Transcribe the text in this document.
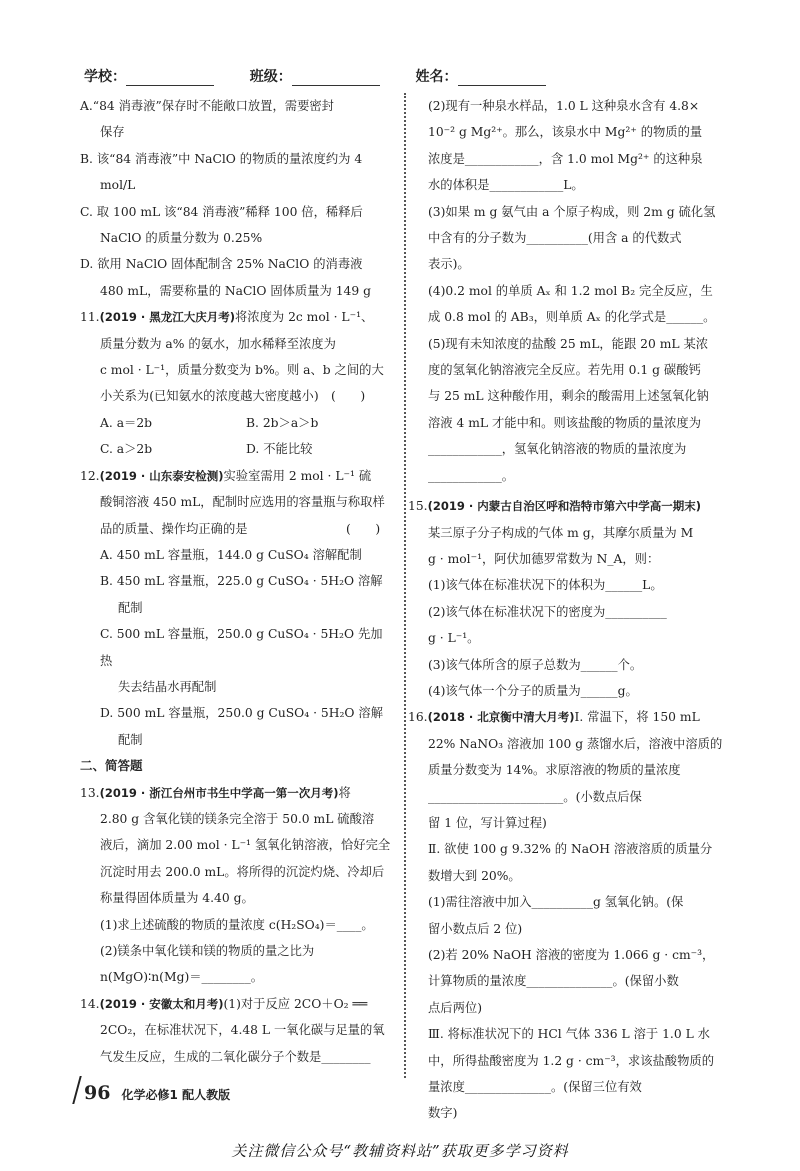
学校：	班级：	姓名：

A.“84 消毒液”保存时不能敞口放置，需要密封

保存

B. 该“84 消毒液”中 NaClO 的物质的量浓度约为 4

mol/L

C. 取 100 mL 该“84 消毒液”稀释 100 倍，稀释后

NaClO 的质量分数为 0.25%

D. 欲用 NaClO 固体配制含 25% NaClO 的消毒液

480 mL，需要称量的 NaClO 固体质量为 149 g

11.(2019 · 黑龙江大庆月考)将浓度为 2c mol · L⁻¹、

质量分数为 a% 的氨水，加水稀释至浓度为

c mol · L⁻¹，质量分数变为 b%。则 a、b 之间的大

小关系为(已知氨水的浓度越大密度越小)　(　　)

A. a＝2b	B. 2b＞a＞b
C. a＞2b	D. 不能比较

12.(2019 · 山东泰安检测)实验室需用 2 mol · L⁻¹ 硫

酸铜溶液 450 mL，配制时应选用的容量瓶与称取样

品的质量、操作均正确的是　　　　　　　　(　　)

A. 450 mL 容量瓶，144.0 g CuSO₄ 溶解配制

B. 450 mL 容量瓶，225.0 g CuSO₄ · 5H₂O 溶解

配制

C. 500 mL 容量瓶，250.0 g CuSO₄ · 5H₂O 先加热

失去结晶水再配制

D. 500 mL 容量瓶，250.0 g CuSO₄ · 5H₂O 溶解

配制

二、简答题

13.(2019 · 浙江台州市书生中学高一第一次月考)将

2.80 g 含氧化镁的镁条完全溶于 50.0 mL 硫酸溶

液后，滴加 2.00 mol · L⁻¹ 氢氧化钠溶液，恰好完全

沉淀时用去 200.0 mL。将所得的沉淀灼烧、冷却后

称量得固体质量为 4.40 g。

(1)求上述硫酸的物质的量浓度 c(H₂SO₄)＝____。

(2)镁条中氧化镁和镁的物质的量之比为

n(MgO)∶n(Mg)＝________。

14.(2019 · 安徽太和月考)(1)对于反应 2CO＋O₂ ══

2CO₂，在标准状况下，4.48 L 一氧化碳与足量的氧

气发生反应，生成的二氧化碳分子个数是________

(2)现有一种泉水样品，1.0 L 这种泉水含有 4.8×

10⁻² g Mg²⁺。那么，该泉水中 Mg²⁺ 的物质的量

浓度是____________，含 1.0 mol Mg²⁺ 的这种泉

水的体积是____________L。

(3)如果 m g 氨气由 a 个原子构成，则 2m g 硫化氢

中含有的分子数为__________(用含 a 的代数式

表示)。

(4)0.2 mol 的单质 Aₓ 和 1.2 mol B₂ 完全反应，生

成 0.8 mol 的 AB₃，则单质 Aₓ 的化学式是______。

(5)现有未知浓度的盐酸 25 mL，能跟 20 mL 某浓

度的氢氧化钠溶液完全反应。若先用 0.1 g 碳酸钙

与 25 mL 这种酸作用，剩余的酸需用上述氢氧化钠

溶液 4 mL 才能中和。则该盐酸的物质的量浓度为

____________，氢氧化钠溶液的物质的量浓度为

____________。

15.(2019 · 内蒙古自治区呼和浩特市第六中学高一期末)

某三原子分子构成的气体 m g，其摩尔质量为 M

g · mol⁻¹，阿伏加德罗常数为 N_A，则：

(1)该气体在标准状况下的体积为______L。

(2)该气体在标准状况下的密度为__________

g · L⁻¹。

(3)该气体所含的原子总数为______个。

(4)该气体一个分子的质量为______g。

16.(2018 · 北京衡中清大月考)Ⅰ. 常温下，将 150 mL

22% NaNO₃ 溶液加 100 g 蒸馏水后，溶液中溶质的

质量分数变为 14%。求原溶液的物质的量浓度

______________________。(小数点后保

留 1 位，写计算过程)

Ⅱ. 欲使 100 g 9.32% 的 NaOH 溶液溶质的质量分

数增大到 20%。

(1)需往溶液中加入__________g 氢氧化钠。(保

留小数点后 2 位)

(2)若 20% NaOH 溶液的密度为 1.066 g · cm⁻³，

计算物质的量浓度______________。(保留小数

点后两位)

Ⅲ. 将标准状况下的 HCl 气体 336 L 溶于 1.0 L 水

中，所得盐酸密度为 1.2 g · cm⁻³，求该盐酸物质的

量浓度______________。(保留三位有效

数字)

96 化学必修1 配人教版
关注微信公众号“教辅资料站”获取更多学习资料
